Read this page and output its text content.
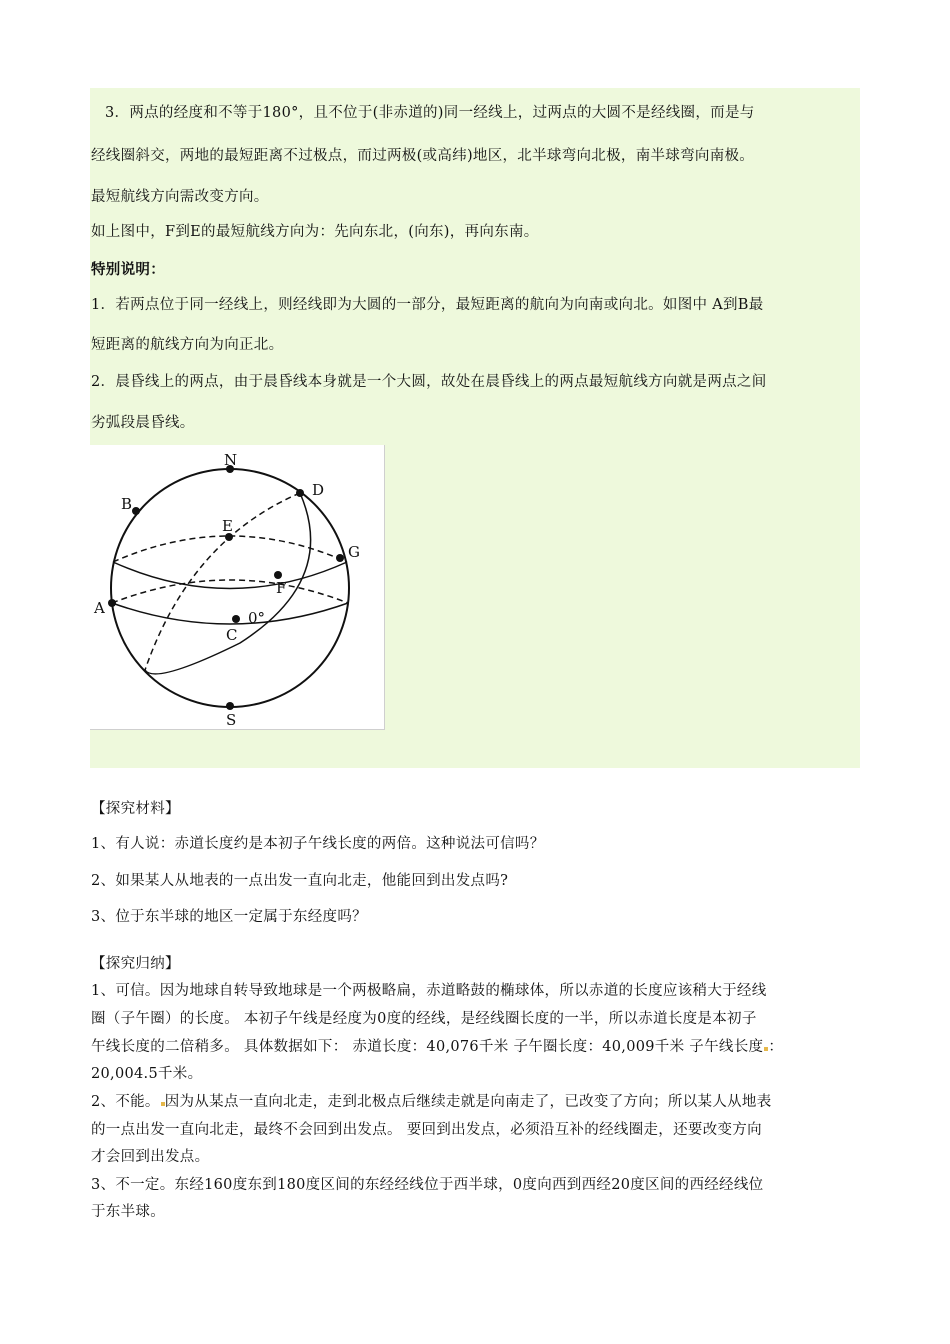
3．两点的经度和不等于180°，且不位于(非赤道的)同一经线上，过两点的大圆不是经线圈，而是与
经线圈斜交，两地的最短距离不过极点，而过两极(或高纬)地区，北半球弯向北极，南半球弯向南极。
最短航线方向需改变方向。
如上图中，F到E的最短航线方向为：先向东北，(向东)，再向东南。
特别说明：
1．若两点位于同一经线上，则经线即为大圆的一部分，最短距离的航向为向南或向北。如图中 A到B最
短距离的航线方向为向正北。
2．晨昏线上的两点，由于晨昏线本身就是一个大圆，故处在晨昏线上的两点最短航线方向就是两点之间
劣弧段晨昏线。
N
S
B
D
E
G
F
A
C
0°
【探究材料】
1、有人说：赤道长度约是本初子午线长度的两倍。这种说法可信吗？
2、如果某人从地表的一点出发一直向北走，他能回到出发点吗?
3、位于东半球的地区一定属于东经度吗？
【探究归纳】
1、可信。因为地球自转导致地球是一个两极略扁，赤道略鼓的椭球体，所以赤道的长度应该稍大于经线
圈（子午圈）的长度。 本初子午线是经度为0度的经线，是经线圈长度的一半，所以赤道长度是本初子
午线长度的二倍稍多。 具体数据如下： 赤道长度：40,076千米 子午圈长度：40,009千米 子午线长度 ：
20,004.5千米。
2、不能。 因为从某点一直向北走，走到北极点后继续走就是向南走了，已改变了方向；所以某人从地表
的一点出发一直向北走，最终不会回到出发点。 要回到出发点，必须沿互补的经线圈走，还要改变方向
才会回到出发点。
3、不一定。东经160度东到180度区间的东经经线位于西半球，0度向西到西经20度区间的西经经线位
于东半球。
